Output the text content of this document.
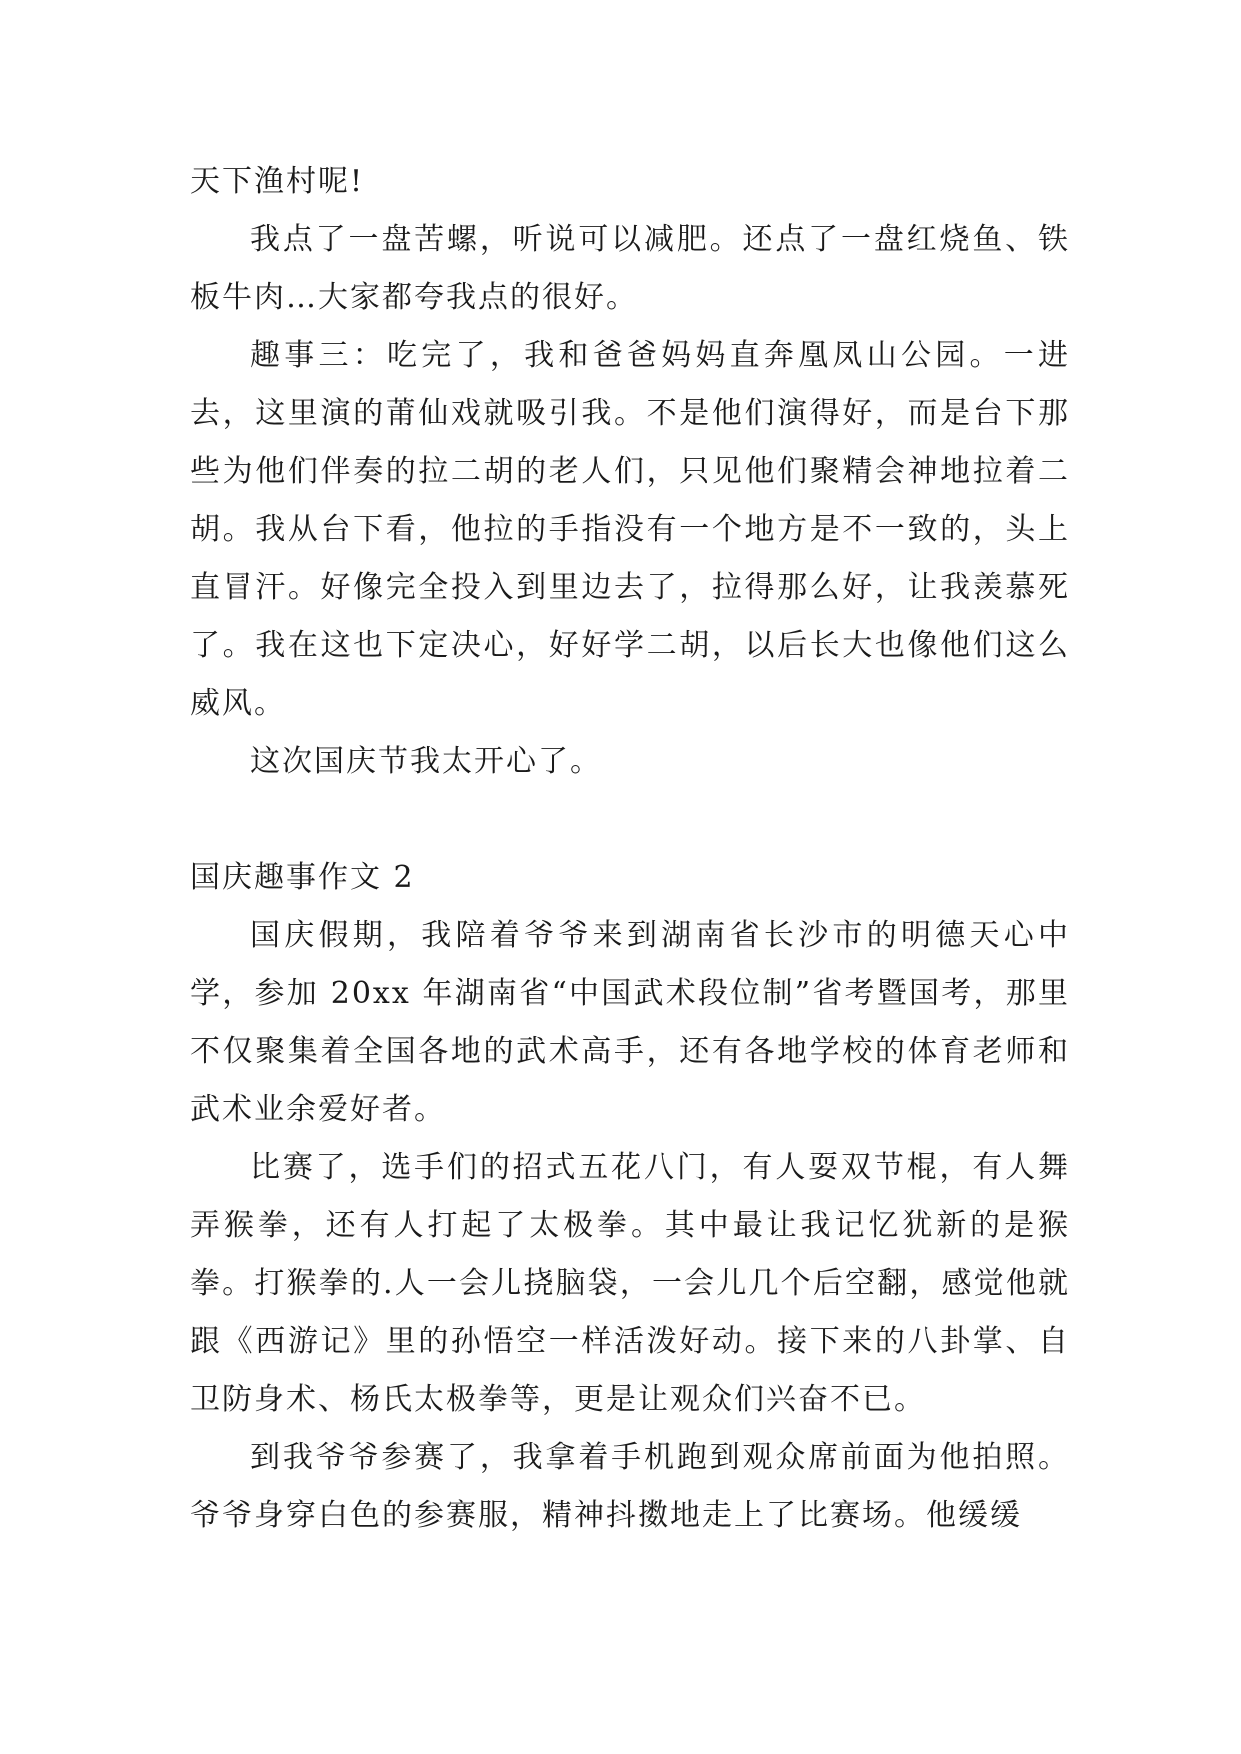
天下渔村呢!

我点了一盘苦螺，听说可以减肥。还点了一盘红烧鱼、铁板牛肉…大家都夸我点的很好。

趣事三：吃完了，我和爸爸妈妈直奔凰凤山公园。一进去，这里演的莆仙戏就吸引我。不是他们演得好，而是台下那些为他们伴奏的拉二胡的老人们，只见他们聚精会神地拉着二胡。我从台下看，他拉的手指没有一个地方是不一致的，头上直冒汗。好像完全投入到里边去了，拉得那么好，让我羡慕死了。我在这也下定决心，好好学二胡，以后长大也像他们这么威风。

这次国庆节我太开心了。

国庆趣事作文 2

国庆假期，我陪着爷爷来到湖南省长沙市的明德天心中学，参加 20xx 年湖南省“中国武术段位制”省考暨国考，那里不仅聚集着全国各地的武术高手，还有各地学校的体育老师和武术业余爱好者。

比赛了，选手们的招式五花八门，有人耍双节棍，有人舞弄猴拳，还有人打起了太极拳。其中最让我记忆犹新的是猴拳。打猴拳的.人一会儿挠脑袋，一会儿几个后空翻，感觉他就跟《西游记》里的孙悟空一样活泼好动。接下来的八卦掌、自卫防身术、杨氏太极拳等，更是让观众们兴奋不已。

到我爷爷参赛了，我拿着手机跑到观众席前面为他拍照。爷爷身穿白色的参赛服，精神抖擞地走上了比赛场。他缓缓
